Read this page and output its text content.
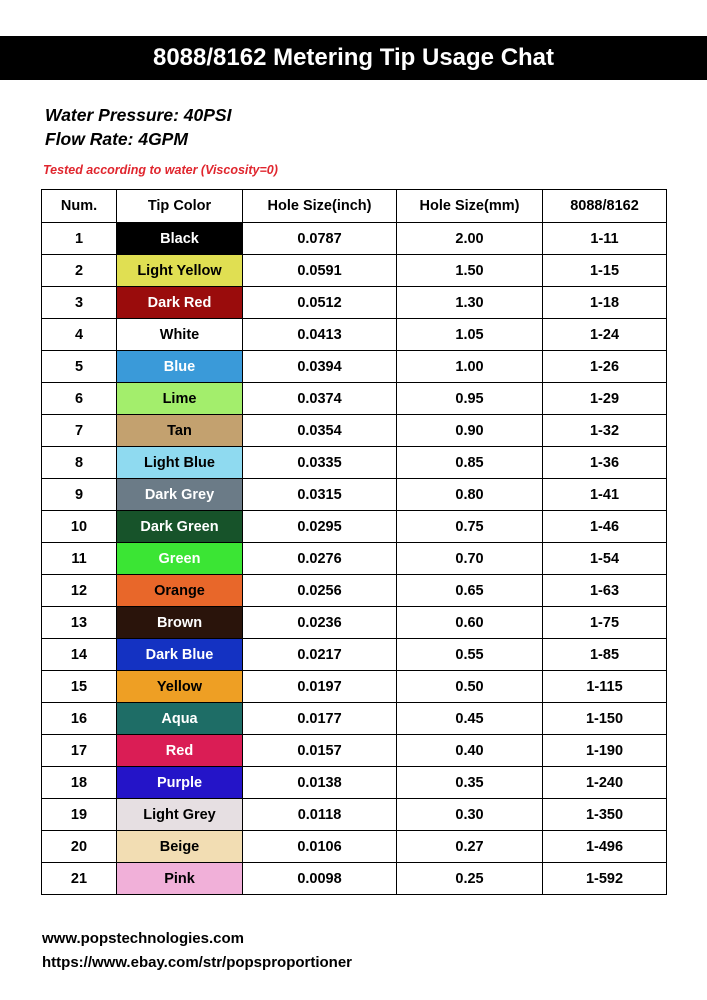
8088/8162 Metering Tip Usage Chat
Water Pressure: 40PSI
Flow Rate: 4GPM
Tested according to water (Viscosity=0)
Num.	Tip Color	Hole Size(inch)	Hole Size(mm)	8088/8162
1	Black	0.0787	2.00	1-11
2	Light Yellow	0.0591	1.50	1-15
3	Dark Red	0.0512	1.30	1-18
4	White	0.0413	1.05	1-24
5	Blue	0.0394	1.00	1-26
6	Lime	0.0374	0.95	1-29
7	Tan	0.0354	0.90	1-32
8	Light Blue	0.0335	0.85	1-36
9	Dark Grey	0.0315	0.80	1-41
10	Dark Green	0.0295	0.75	1-46
11	Green	0.0276	0.70	1-54
12	Orange	0.0256	0.65	1-63
13	Brown	0.0236	0.60	1-75
14	Dark Blue	0.0217	0.55	1-85
15	Yellow	0.0197	0.50	1-115
16	Aqua	0.0177	0.45	1-150
17	Red	0.0157	0.40	1-190
18	Purple	0.0138	0.35	1-240
19	Light Grey	0.0118	0.30	1-350
20	Beige	0.0106	0.27	1-496
21	Pink	0.0098	0.25	1-592
www.popstechnologies.com
https://www.ebay.com/str/popsproportioner
